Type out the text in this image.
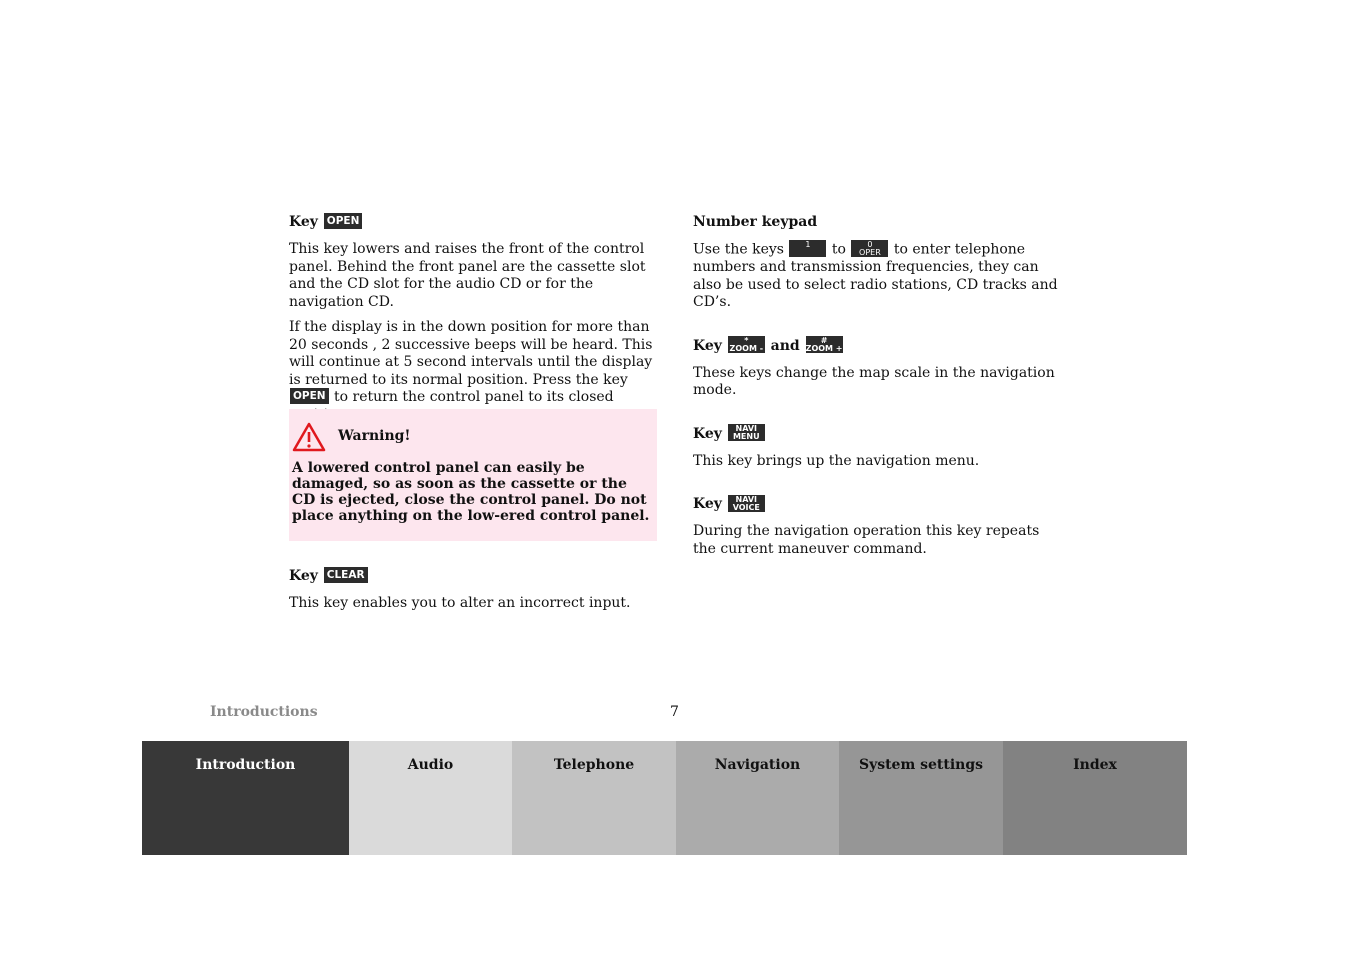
Key OPEN

This key lowers and raises the front of the control panel. Behind the front panel are the cassette slot and the CD slot for the audio CD or for the navigation CD.

If the display is in the down position for more than 20 seconds , 2 successive beeps will be heard. This will continue at 5 second intervals until the display is returned to its normal position. Press the key OPEN to return the control panel to its closed

Warning!
A lowered control panel can easily be damaged, so as soon as the cassette or the CD is ejected, close the control panel. Do not place anything on the low-ered control panel.
Key CLEAR

This key enables you to alter an incorrect input.

Number keypad

Use the keys	1
	to	0
OPER to enter telephone numbers and transmission frequencies, they can also be used to select radio stations, CD tracks and CD’s.

Key	*
ZOOM - and	#
ZOOM +

These keys change the map scale in the navigation mode.

Key	NAVI
MENU

This key brings up the navigation menu.

Key	NAVI
VOICE

During the navigation operation this key repeats the current maneuver command.

Introductions	7
Introduction	Audio	Telephone	Navigation	System settings	Index
